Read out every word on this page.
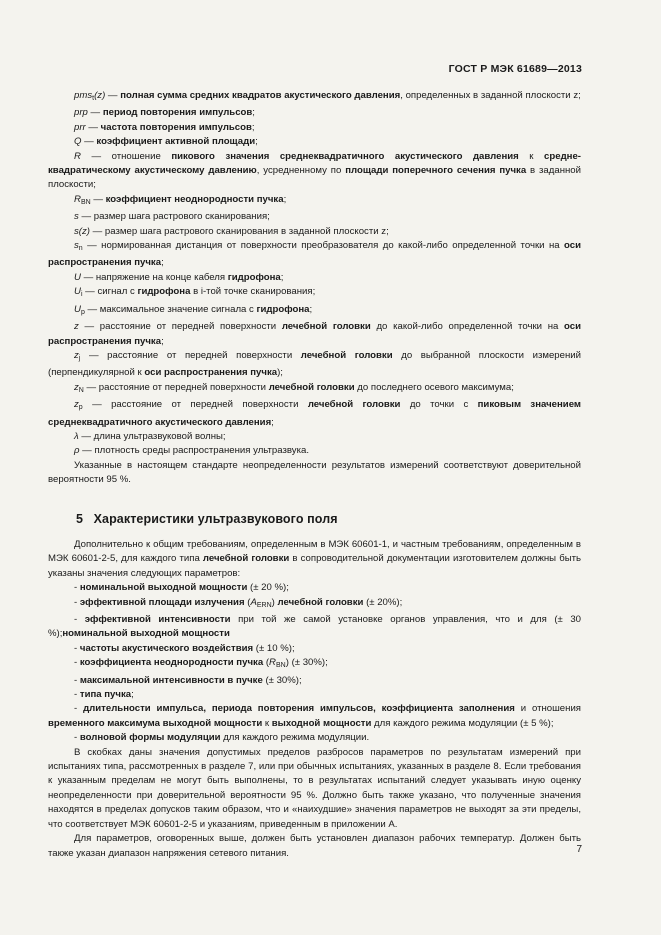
ГОСТ Р МЭК 61689—2013

pms$_t$(z) — полная сумма средних квадратов акустического давления, определенных в заданной плоскости z;

prp — период повторения импульсов;

prr — частота повторения импульсов;

Q — коэффициент активной площади;

R — отношение пикового значения среднеквадратичного акустического давления к средне-квадратическому акустическому давлению, усредненному по площади поперечного сечения пучка в заданной плоскости;

$R_{BN}$ — коэффициент неоднородности пучка;

s — размер шага растрового сканирования;

s(z) — размер шага растрового сканирования в заданной плоскости z;

$s_n$ — нормированная дистанция от поверхности преобразователя до какой-либо определенной точки на оси распространения пучка;

U — напряжение на конце кабеля гидрофона;

$U_i$ — сигнал с гидрофона в i-той точке сканирования;

$U_p$ — максимальное значение сигнала с гидрофона;

z — расстояние от передней поверхности лечебной головки до какой-либо определенной точки на оси распространения пучка;

$z_j$ — расстояние от передней поверхности лечебной головки до выбранной плоскости измерений (перпендикулярной к оси распространения пучка);

$z_N$ — расстояние от передней поверхности лечебной головки до последнего осевого максимума;

$z_p$ — расстояние от передней поверхности лечебной головки до точки с пиковым значением среднеквадратичного акустического давления;

λ — длина ультразвуковой волны;

ρ — плотность среды распространения ультразвука.

Указанные в настоящем стандарте неопределенности результатов измерений соответствуют доверительной вероятности 95 %.

5 Характеристики ультразвукового поля

Дополнительно к общим требованиям, определенным в МЭК 60601-1, и частным требованиям, определенным в МЭК 60601-2-5, для каждого типа лечебной головки в сопроводительной документации изготовителем должны быть указаны значения следующих параметров:

- номинальной выходной мощности (± 20 %);

- эффективной площади излучения $(A_{ERN})$ лечебной головки (± 20%);

- эффективной интенсивности при той же самой установке органов управления, что и для (± 30 %);номинальной выходной мощности

- частоты акустического воздействия (± 10 %);

- коэффициента неоднородности пучка $(R_{BN})$ (± 30%);

- максимальной интенсивности в пучке (± 30%);

- типа пучка;

- длительности импульса, периода повторения импульсов, коэффициента заполнения и отношения временного максимума выходной мощности к выходной мощности для каждого режима модуляции (± 5 %);

- волновой формы модуляции для каждого режима модуляции.

В скобках даны значения допустимых пределов разбросов параметров по результатам измерений при испытаниях типа, рассмотренных в разделе 7, или при обычных испытаниях, указанных в разделе 8. Если требования к указанным пределам не могут быть выполнены, то в результатах испытаний следует указывать иную оценку неопределенности при доверительной вероятности 95 %. Должно быть также указано, что полученные значения находятся в пределах допусков таким образом, что и «наихудшие» значения параметров не выходят за эти пределы, что соответствует МЭК 60601-2-5 и указаниям, приведенным в приложении А.

Для параметров, оговоренных выше, должен быть установлен диапазон рабочих температур. Должен быть также указан диапазон напряжения сетевого питания.	7
